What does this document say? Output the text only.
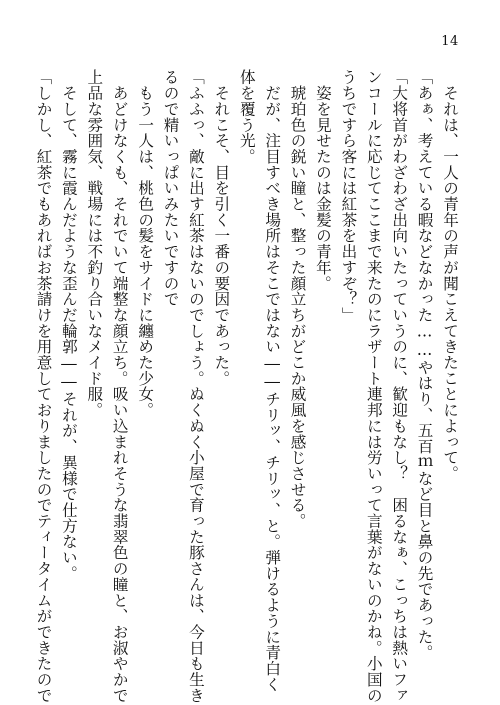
14
　それは、一人の青年の声が聞こえてきたことによって。
「あぁ、考えている暇などなかった……やはり、五百ｍなど目と鼻の先であった。
「大将首がわざわざ出向いたっていうのに、歓迎もなし？　困るなぁ、こっちは熱いファ
ンコールに応じてここまで来たのにラザート連邦には労いって言葉がないのかね。小国の
うちですら客には紅茶を出すぞ？」
　姿を見せたのは金髪の青年。
　琥珀色の鋭い瞳と、整った顔立ちがどこか威風を感じさせる。
　だが、注目すべき場所はそこではない――チリッ、チリッ、と。弾けるように青白く
体を覆う光。
　それこそ、目を引く一番の要因であった。
「ふふっ、敵に出す紅茶はないのでしょう。ぬくぬく小屋で育った豚さんは、今日も生き
るので精いっぱいみたいですので
　もう一人は、桃色の髪をサイドに纏めた少女。
　あどけなくも、それでいて端整な顔立ち。吸い込まれそうな翡翠色の瞳と、お淑やかで
上品な雰囲気、戦場には不釣り合いなメイド服。
　そして、霧に霞んだような歪んだ輪郭――それが、異様で仕方ない。
「しかし、紅茶でもあればお茶請けを用意しておりましたのでティータイムができたので
